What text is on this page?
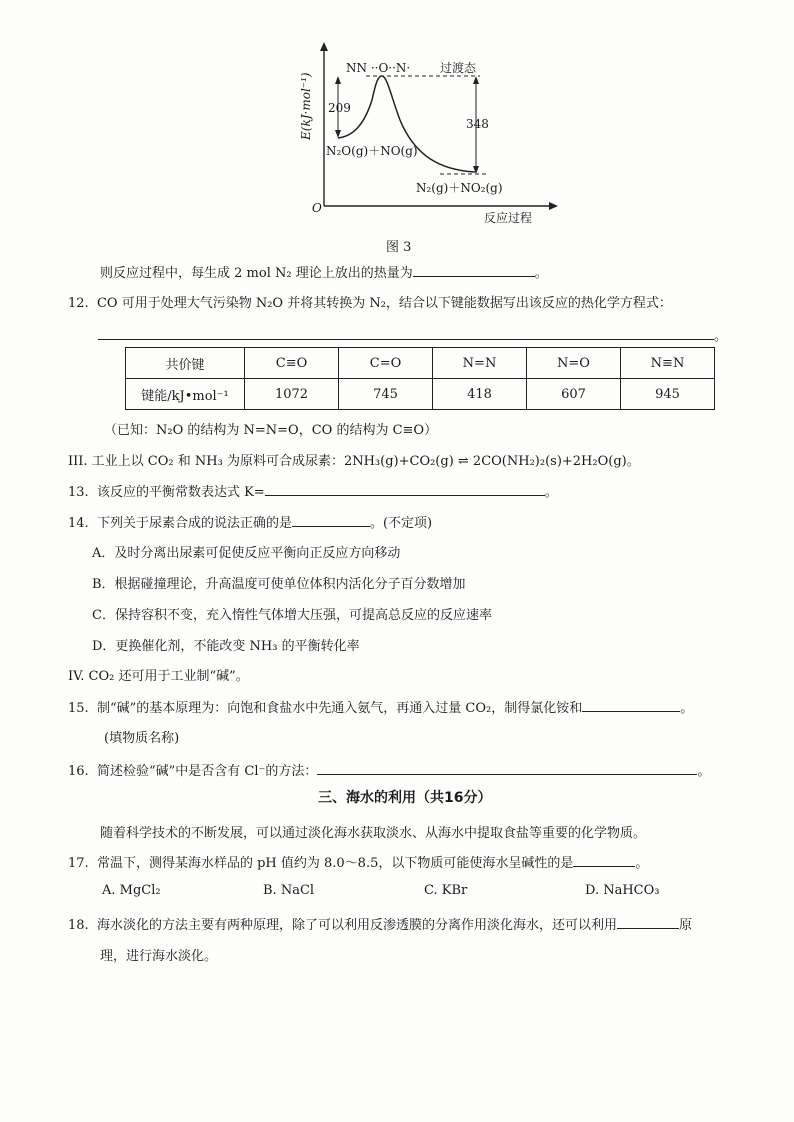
E(kJ·mol⁻¹)
NN ··O··N· 过渡态
209
348
N₂O(g)＋NO(g)
N₂(g)＋NO₂(g)
O
反应过程
图 3
则反应过程中，每生成 2 mol N₂ 理论上放出的热量为	。
12. CO 可用于处理大气污染物 N₂O 并将其转换为 N₂，结合以下键能数据写出该反应的热化学方程式：
。
共价键	C≡O	C=O	N=N	N=O	N≡N
键能/kJ•mol⁻¹	1072	745	418	607	945
（已知：N₂O 的结构为 N=N=O，CO 的结构为 C≡O）
III. 工业上以 CO₂ 和 NH₃ 为原料可合成尿素：2NH₃(g)+CO₂(g) ⇌ 2CO(NH₂)₂(s)+2H₂O(g)。
13. 该反应的平衡常数表达式 K=	。
14. 下列关于尿素合成的说法正确的是	。(不定项)
A．及时分离出尿素可促使反应平衡向正反应方向移动
B．根据碰撞理论，升高温度可使单位体积内活化分子百分数增加
C．保持容积不变，充入惰性气体增大压强，可提高总反应的反应速率
D．更换催化剂，不能改变 NH₃ 的平衡转化率
IV. CO₂ 还可用于工业制“碱”。
15. 制“碱”的基本原理为：向饱和食盐水中先通入氨气，再通入过量 CO₂，制得氯化铵和	。
(填物质名称)
16. 简述检验“碱”中是否含有 Cl⁻的方法：	。
三、海水的利用（共16分）
随着科学技术的不断发展，可以通过淡化海水获取淡水、从海水中提取食盐等重要的化学物质。
17. 常温下，测得某海水样品的 pH 值约为 8.0～8.5，以下物质可能使海水呈碱性的是	。
A. MgCl₂	B. NaCl	C. KBr	D. NaHCO₃
18. 海水淡化的方法主要有两种原理，除了可以利用反渗透膜的分离作用淡化海水，还可以利用	原
理，进行海水淡化。
